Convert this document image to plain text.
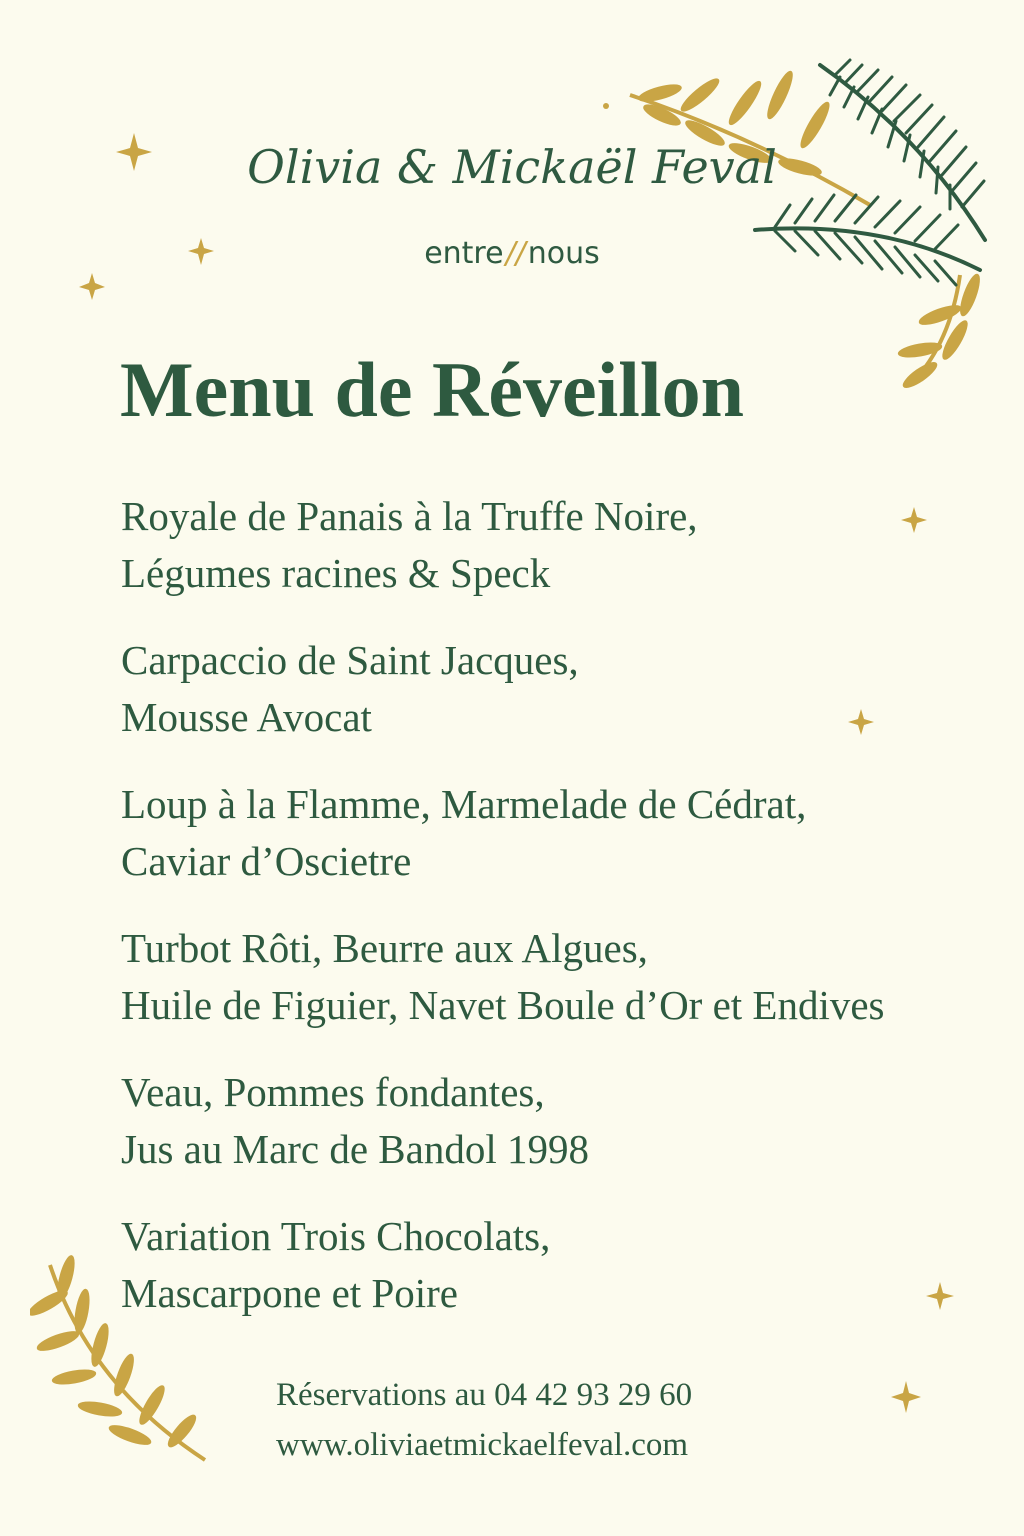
Olivia & Mickaël Feval
entre//nous
Menu de Réveillon
Royale de Panais à la Truffe Noire,
Légumes racines & Speck
Carpaccio de Saint Jacques,
Mousse Avocat
Loup à la Flamme, Marmelade de Cédrat,
Caviar d’Oscietre
Turbot Rôti, Beurre aux Algues,
Huile de Figuier, Navet Boule d’Or et Endives
Veau, Pommes fondantes,
Jus au Marc de Bandol 1998
Variation Trois Chocolats,
Mascarpone et Poire
Réservations au 04 42 93 29 60
www.oliviaetmickaelfeval.com
